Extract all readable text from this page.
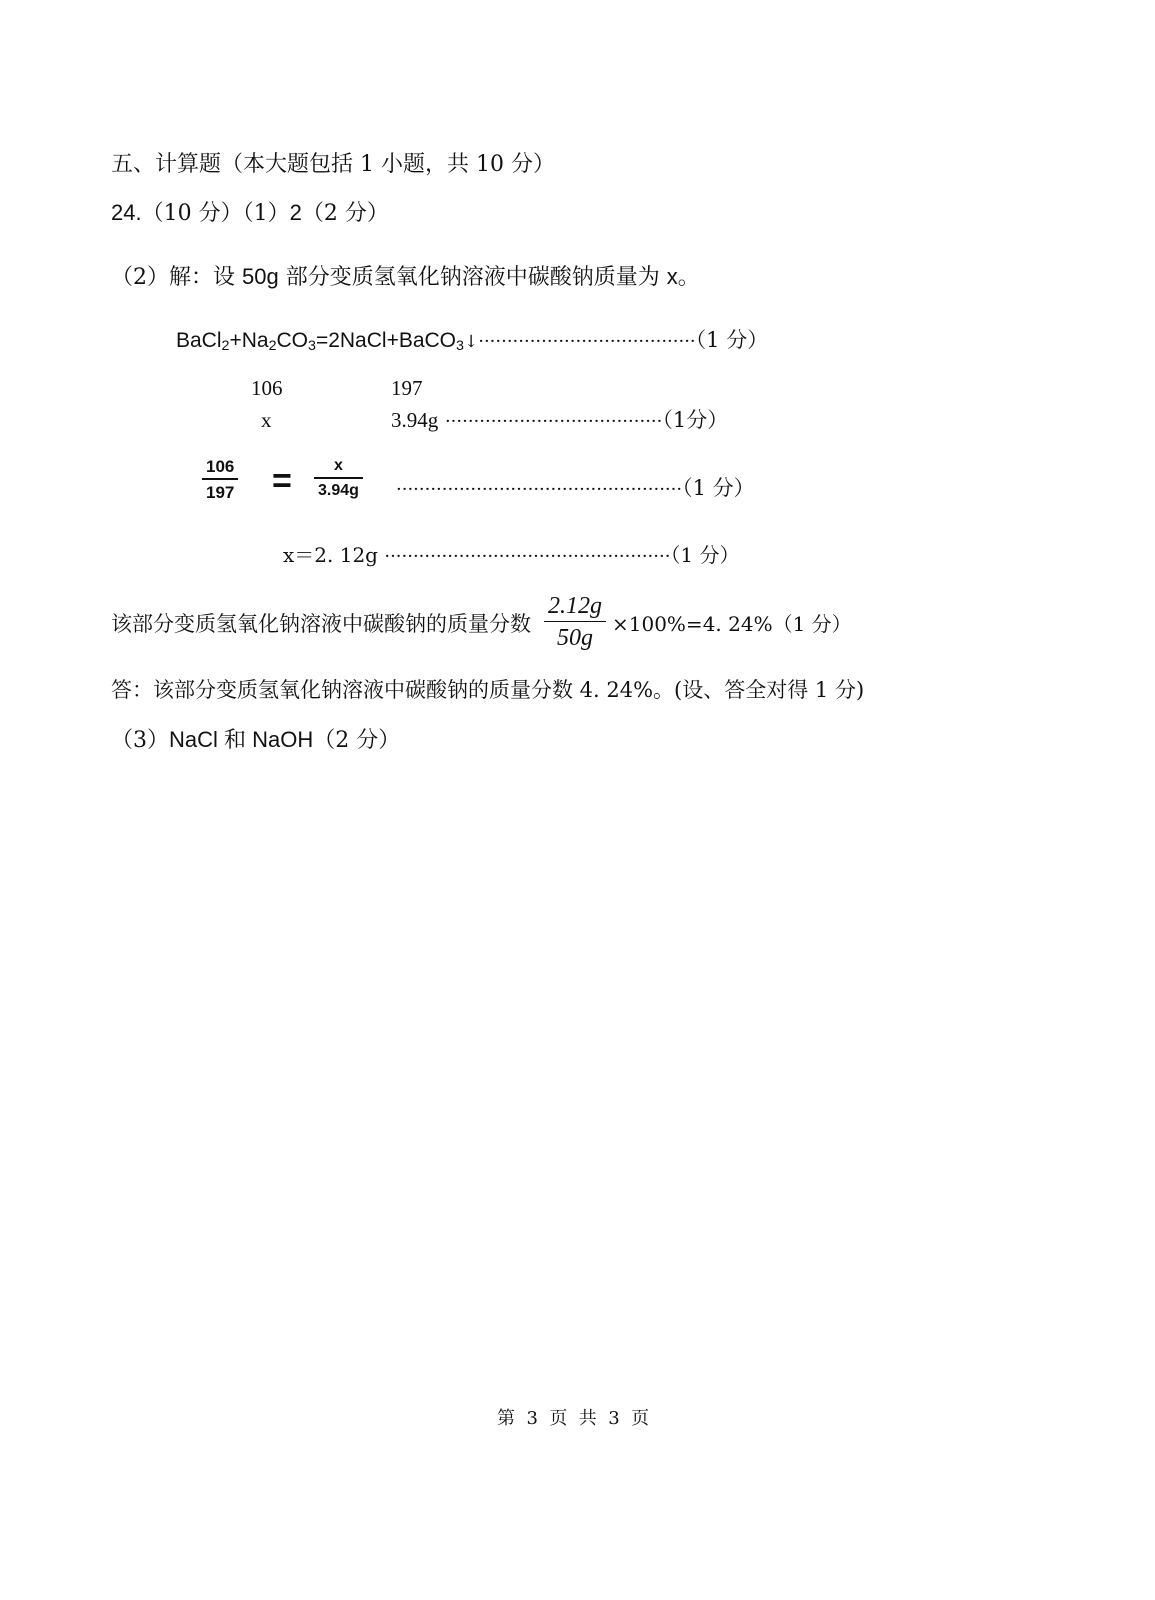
五、计算题（本大题包括 1 小题，共 10 分）
24.（10 分）（1）2（2 分）
（2）解：设 50g 部分变质氢氧化钠溶液中碳酸钠质量为 x。
$BaCl_2+Na_2CO_3=2NaCl+BaCO_3↓\cdot\cdot\cdot\cdot\cdot\cdot\cdot\cdot\cdot\cdot\cdot\cdot\cdot\cdot\cdot\cdot\cdot\cdot\cdot\cdot\cdot\cdot\cdot\cdot\cdot\cdot\cdot\cdot\cdot\cdot\cdot\cdot\cdot\cdot\cdot\cdot\cdot\cdot(1$ 分）
106	197
x	3.94g ······································（1分）
106
197 =	x
3.94g ··················································（1 分）
x＝2. 12g ··················································（1 分）
该部分变质氢氧化钠溶液中碳酸钠的质量分数
2.12g
50g
×100%=4. 24%（1 分）
答：该部分变质氢氧化钠溶液中碳酸钠的质量分数 4. 24%。(设、答全对得 1 分)
（3）NaCl 和 NaOH（2 分）
第  3  页  共  3  页
